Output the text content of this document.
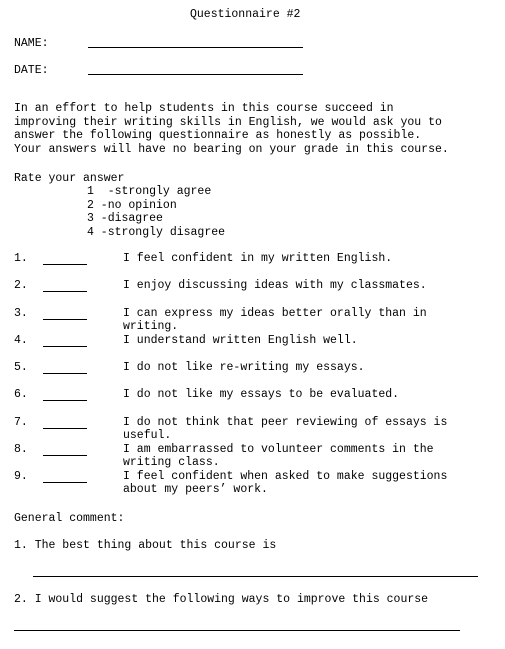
Questionnaire #2
NAME:
DATE:

In an effort to help students in this course succeed in

improving their writing skills in English, we would ask you to

answer the following questionnaire as honestly as possible.

Your answers will have no bearing on your grade in this course.

Rate your answer
1  -strongly agree
2 -no opinion
3 -disagree
4 -strongly disagree
1.	I feel confident in my written English.
2.	I enjoy discussing ideas with my classmates.
3.	I can express my ideas better orally than in
writing.
4.	I understand written English well.
5.	I do not like re-writing my essays.
6.	I do not like my essays to be evaluated.
7.	I do not think that peer reviewing of essays is
useful.
8.	I am embarrassed to volunteer comments in the
writing class.
9.	I feel confident when asked to make suggestions
about my peers’ work.
General comment:
1. The best thing about this course is
2. I would suggest the following ways to improve this course
